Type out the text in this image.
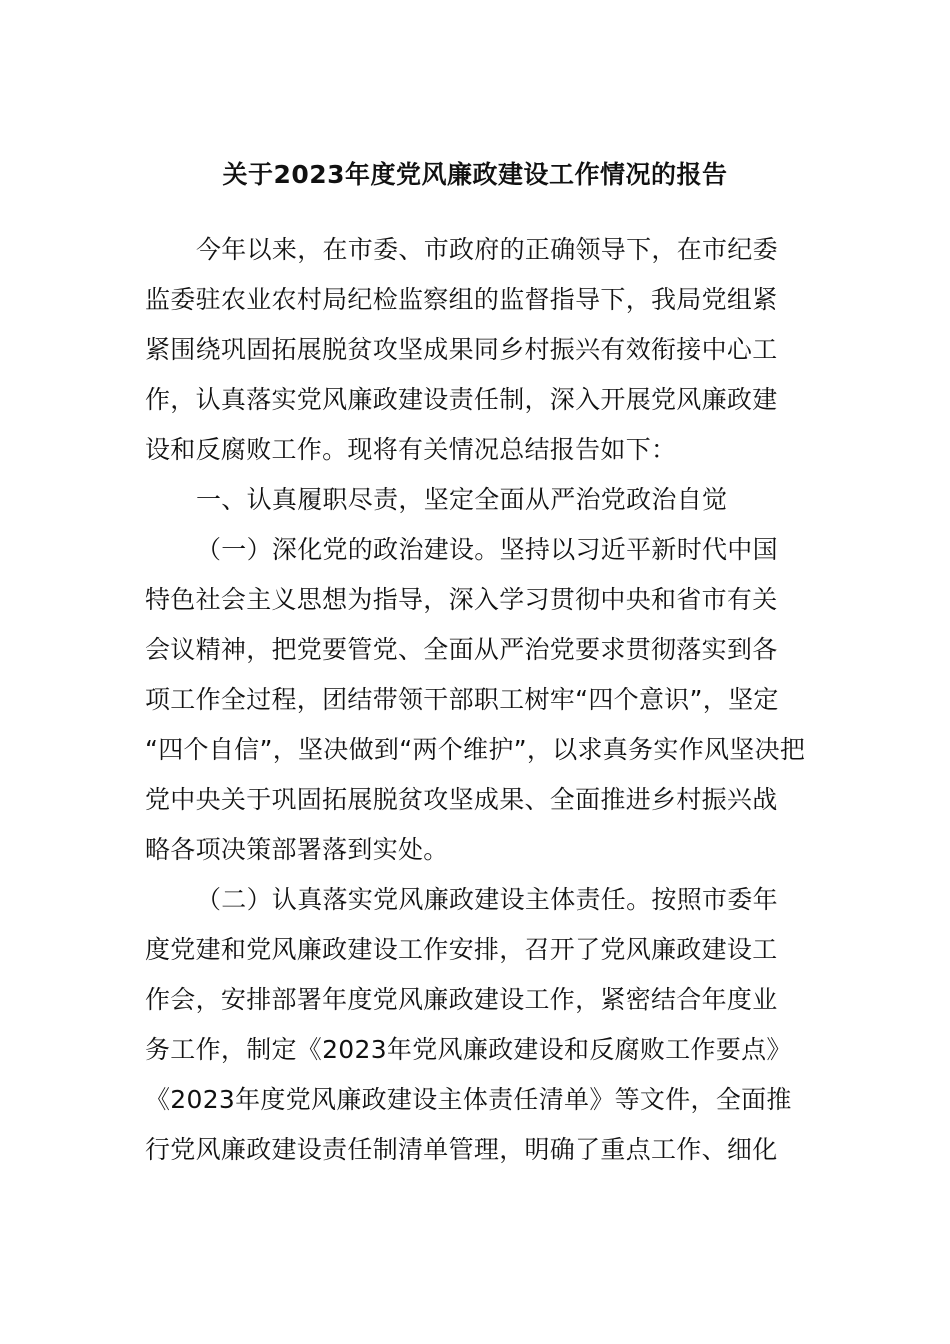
关于2023年度党风廉政建设工作情况的报告

今年以来，在市委、市政府的正确领导下，在市纪委

监委驻农业农村局纪检监察组的监督指导下，我局党组紧

紧围绕巩固拓展脱贫攻坚成果同乡村振兴有效衔接中心工

作，认真落实党风廉政建设责任制，深入开展党风廉政建

设和反腐败工作。现将有关情况总结报告如下：

一、认真履职尽责，坚定全面从严治党政治自觉

（一）深化党的政治建设。坚持以习近平新时代中国

特色社会主义思想为指导，深入学习贯彻中央和省市有关

会议精神，把党要管党、全面从严治党要求贯彻落实到各

项工作全过程，团结带领干部职工树牢“四个意识”，坚定

“四个自信”，坚决做到“两个维护”，以求真务实作风坚决把

党中央关于巩固拓展脱贫攻坚成果、全面推进乡村振兴战

略各项决策部署落到实处。

（二）认真落实党风廉政建设主体责任。按照市委年

度党建和党风廉政建设工作安排，召开了党风廉政建设工

作会，安排部署年度党风廉政建设工作，紧密结合年度业

务工作，制定《2023年党风廉政建设和反腐败工作要点》

《2023年度党风廉政建设主体责任清单》等文件，全面推

行党风廉政建设责任制清单管理，明确了重点工作、细化
